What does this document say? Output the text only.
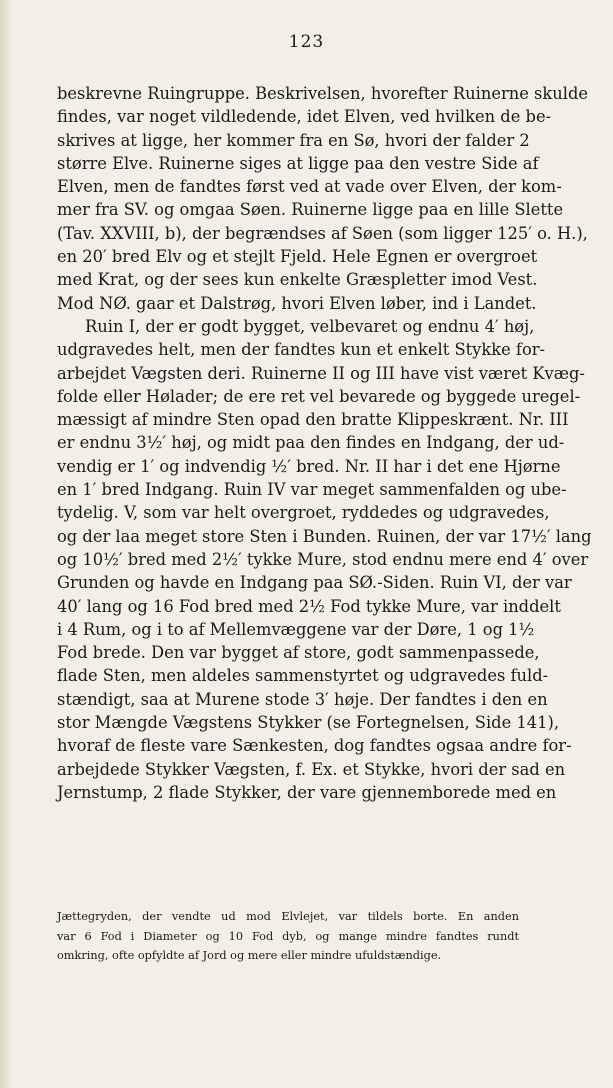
123
beskrevne Ruingruppe. Beskrivelsen, hvorefter Ruinerne skulde
findes, var noget vildledende, idet Elven, ved hvilken de be-
skrives at ligge, her kommer fra en Sø, hvori der falder 2
større Elve. Ruinerne siges at ligge paa den vestre Side af
Elven, men de fandtes først ved at vade over Elven, der kom-
mer fra SV. og omgaa Søen. Ruinerne ligge paa en lille Slette
(Tav. XXVIII, b), der begrændses af Søen (som ligger 125′ o. H.),
en 20′ bred Elv og et stejlt Fjeld. Hele Egnen er overgroet
med Krat, og der sees kun enkelte Græspletter imod Vest.
Mod NØ. gaar et Dalstrøg, hvori Elven løber, ind i Landet.
Ruin I, der er godt bygget, velbevaret og endnu 4′ høj,
udgravedes helt, men der fandtes kun et enkelt Stykke for-
arbejdet Vægsten deri. Ruinerne II og III have vist været Kvæg-
folde eller Hølader; de ere ret vel bevarede og byggede uregel-
mæssigt af mindre Sten opad den bratte Klippeskrænt. Nr. III
er endnu 3½′ høj, og midt paa den findes en Indgang, der ud-
vendig er 1′ og indvendig ½′ bred. Nr. II har i det ene Hjørne
en 1′ bred Indgang. Ruin IV var meget sammenfalden og ube-
tydelig. V, som var helt overgroet, ryddedes og udgravedes,
og der laa meget store Sten i Bunden. Ruinen, der var 17½′ lang
og 10½′ bred med 2½′ tykke Mure, stod endnu mere end 4′ over
Grunden og havde en Indgang paa SØ.-Siden. Ruin VI, der var
40′ lang og 16 Fod bred med 2½ Fod tykke Mure, var inddelt
i 4 Rum, og i to af Mellemvæggene var der Døre, 1 og 1½
Fod brede. Den var bygget af store, godt sammenpassede,
flade Sten, men aldeles sammenstyrtet og udgravedes fuld-
stændigt, saa at Murene stode 3′ høje. Der fandtes i den en
stor Mængde Vægstens Stykker (se Fortegnelsen, Side 141),
hvoraf de fleste vare Sænkesten, dog fandtes ogsaa andre for-
arbejdede Stykker Vægsten, f. Ex. et Stykke, hvori der sad en
Jernstump, 2 flade Stykker, der vare gjennemborede med en
Jættegryden, der vendte ud mod Elvlejet, var tildels borte. En anden
var 6 Fod i Diameter og 10 Fod dyb, og mange mindre fandtes rundt
omkring, ofte opfyldte af Jord og mere eller mindre ufuldstændige.
